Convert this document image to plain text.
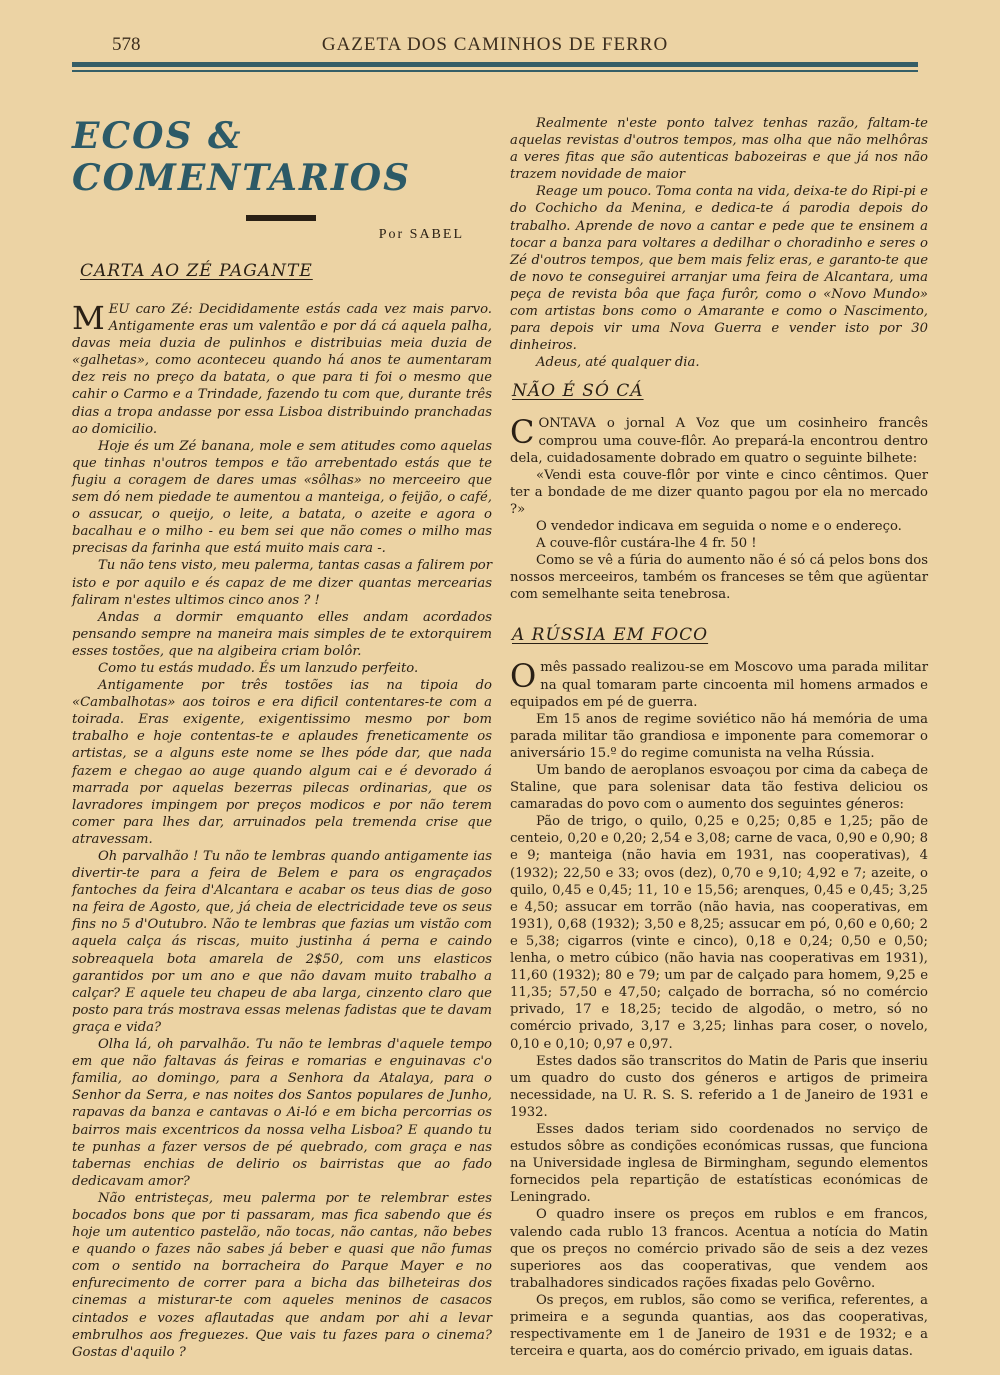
578	GAZETA DOS CAMINHOS DE FERRO
ECOS & COMENTARIOS
Por SABEL
CARTA AO ZÉ PAGANTE

MEU caro Zé: Decididamente estás cada vez mais parvo. Antigamente eras um valentão e por dá cá aquela palha, davas meia duzia de pulinhos e distribuias meia duzia de «galhetas», como aconteceu quando há anos te aumentaram dez reis no preço da batata, o que para ti foi o mesmo que cahir o Carmo e a Trindade, fazendo tu com que, durante três dias a tropa andasse por essa Lisboa distribuindo pranchadas ao domicilio.

Hoje és um Zé banana, mole e sem atitudes como aquelas que tinhas n'outros tempos e tão arrebentado estás que te fugiu a coragem de dares umas «sôlhas» no merceeiro que sem dó nem piedade te aumentou a manteiga, o feijão, o café, o assucar, o queijo, o leite, a batata, o azeite e agora o bacalhau e o milho - eu bem sei que não comes o milho mas precisas da farinha que está muito mais cara -.

Tu não tens visto, meu palerma, tantas casas a falirem por isto e por aquilo e és capaz de me dizer quantas mercearias faliram n'estes ultimos cinco anos ? !

Andas a dormir emquanto elles andam acordados pensando sempre na maneira mais simples de te extorquirem esses tostões, que na algibeira criam bolôr.

Como tu estás mudado. És um lanzudo perfeito.

Antigamente por três tostões ias na tipoia do «Cambalhotas» aos toiros e era dificil contentares-te com a toirada. Eras exigente, exigentissimo mesmo por bom trabalho e hoje contentas-te e aplaudes freneticamente os artistas, se a alguns este nome se lhes póde dar, que nada fazem e chegao ao auge quando algum cai e é devorado á marrada por aquelas bezerras pilecas ordinarias, que os lavradores impingem por preços modicos e por não terem comer para lhes dar, arruinados pela tremenda crise que atravessam.

Oh parvalhão ! Tu não te lembras quando antigamente ias divertir-te para a feira de Belem e para os engraçados fantoches da feira d'Alcantara e acabar os teus dias de goso na feira de Agosto, que, já cheia de electricidade teve os seus fins no 5 d'Outubro. Não te lembras que fazias um vistão com aquela calça ás riscas, muito justinha á perna e caindo sobreaquela bota amarela de 2$50, com uns elasticos garantidos por um ano e que não davam muito trabalho a calçar? E aquele teu chapeu de aba larga, cinzento claro que posto para trás mostrava essas melenas fadistas que te davam graça e vida?

Olha lá, oh parvalhão. Tu não te lembras d'aquele tempo em que não faltavas ás feiras e romarias e enguinavas c'o familia, ao domingo, para a Senhora da Atalaya, para o Senhor da Serra, e nas noites dos Santos populares de Junho, rapavas da banza e cantavas o Ai-ló e em bicha percorrias os bairros mais excentricos da nossa velha Lisboa? E quando tu te punhas a fazer versos de pé quebrado, com graça e nas tabernas enchias de delirio os bairristas que ao fado dedicavam amor?

Não entristeças, meu palerma por te relembrar estes bocados bons que por ti passaram, mas fica sabendo que és hoje um autentico pastelão, não tocas, não cantas, não bebes e quando o fazes não sabes já beber e quasi que não fumas com o sentido na borracheira do Parque Mayer e no enfurecimento de correr para a bicha das bilheteiras dos cinemas a misturar-te com aqueles meninos de casacos cintados e vozes aflautadas que andam por ahi a levar embrulhos aos freguezes. Que vais tu fazes para o cinema? Gostas d'aquilo ?

Realmente n'este ponto talvez tenhas razão, faltam-te aquelas revistas d'outros tempos, mas olha que não melhôras a veres fitas que são autenticas babozeiras e que já nos não trazem novidade de maior

Reage um pouco. Toma conta na vida, deixa-te do Ripi-pi e do Cochicho da Menina, e dedica-te á parodia depois do trabalho. Aprende de novo a cantar e pede que te ensinem a tocar a banza para voltares a dedilhar o choradinho e seres o Zé d'outros tempos, que bem mais feliz eras, e garanto-te que de novo te conseguirei arranjar uma feira de Alcantara, uma peça de revista bôa que faça furôr, como o «Novo Mundo» com artistas bons como o Amarante e como o Nascimento, para depois vir uma Nova Guerra e vender isto por 30 dinheiros.

Adeus, até qualquer dia.

NÃO É SÓ CÁ

CONTAVA o jornal A Voz que um cosinheiro francês comprou uma couve-flôr. Ao prepará-la encontrou dentro dela, cuidadosamente dobrado em quatro o seguinte bilhete:

«Vendi esta couve-flôr por vinte e cinco cêntimos. Quer ter a bondade de me dizer quanto pagou por ela no mercado ?»

O vendedor indicava em seguida o nome e o endereço.

A couve-flôr custára-lhe 4 fr. 50 !

Como se vê a fúria do aumento não é só cá pelos bons dos nossos merceeiros, também os franceses se têm que agüentar com semelhante seita tenebrosa.

A RÚSSIA EM FOCO

Omês passado realizou-se em Moscovo uma parada militar na qual tomaram parte cincoenta mil homens armados e equipados em pé de guerra.

Em 15 anos de regime soviético não há memória de uma parada militar tão grandiosa e imponente para comemorar o aniversário 15.º do regime comunista na velha Rússia.

Um bando de aeroplanos esvoaçou por cima da cabeça de Staline, que para solenisar data tão festiva deliciou os camaradas do povo com o aumento dos seguintes géneros:

Pão de trigo, o quilo, 0,25 e 0,25; 0,85 e 1,25; pão de centeio, 0,20 e 0,20; 2,54 e 3,08; carne de vaca, 0,90 e 0,90; 8 e 9; manteiga (não havia em 1931, nas cooperativas), 4 (1932); 22,50 e 33; ovos (dez), 0,70 e 9,10; 4,92 e 7; azeite, o quilo, 0,45 e 0,45; 11, 10 e 15,56; arenques, 0,45 e 0,45; 3,25 e 4,50; assucar em torrão (não havia, nas cooperativas, em 1931), 0,68 (1932); 3,50 e 8,25; assucar em pó, 0,60 e 0,60; 2 e 5,38; cigarros (vinte e cinco), 0,18 e 0,24; 0,50 e 0,50; lenha, o metro cúbico (não havia nas cooperativas em 1931), 11,60 (1932); 80 e 79; um par de calçado para homem, 9,25 e 11,35; 57,50 e 47,50; calçado de borracha, só no comércio privado, 17 e 18,25; tecido de algodão, o metro, só no comércio privado, 3,17 e 3,25; linhas para coser, o novelo, 0,10 e 0,10; 0,97 e 0,97.

Estes dados são transcritos do Matin de Paris que inseriu um quadro do custo dos géneros e artigos de primeira necessidade, na U. R. S. S. referido a 1 de Janeiro de 1931 e 1932.

Esses dados teriam sido coordenados no serviço de estudos sôbre as condições económicas russas, que funciona na Universidade inglesa de Birmingham, segundo elementos fornecidos pela repartição de estatísticas económicas de Leningrado.

O quadro insere os preços em rublos e em francos, valendo cada rublo 13 francos. Acentua a notícia do Matin que os preços no comércio privado são de seis a dez vezes superiores aos das cooperativas, que vendem aos trabalhadores sindicados rações fixadas pelo Govêrno.

Os preços, em rublos, são como se verifica, referentes, a primeira e a segunda quantias, aos das cooperativas, respectivamente em 1 de Janeiro de 1931 e de 1932; e a terceira e quarta, aos do comércio privado, em iguais datas.
